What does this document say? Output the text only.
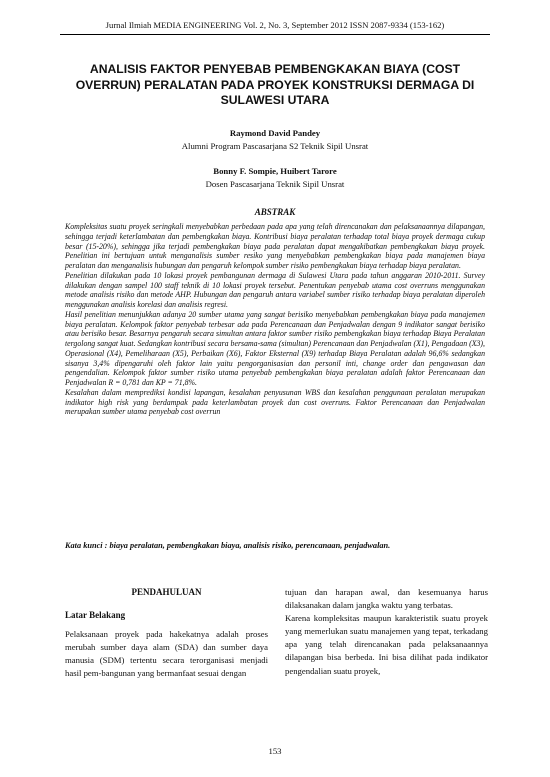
Jurnal Ilmiah MEDIA ENGINEERING Vol. 2, No. 3, September 2012 ISSN 2087-9334 (153-162)
ANALISIS FAKTOR PENYEBAB PEMBENGKAKAN BIAYA (COST OVERRUN) PERALATAN PADA PROYEK KONSTRUKSI DERMAGA DI SULAWESI UTARA
Raymond David Pandey
Alumni Program Pascasarjana S2 Teknik Sipil Unsrat
Bonny F. Sompie, Huibert Tarore
Dosen Pascasarjana Teknik Sipil Unsrat
ABSTRAK

Kompleksitas suatu proyek seringkali menyebabkan perbedaan pada apa yang telah direncanakan dan pelaksanaannya dilapangan, sehingga terjadi keterlambatan dan pembengkakan biaya. Kontribusi biaya peralatan terhadap total biaya proyek dermaga cukup besar (15-20%), sehingga jika terjadi pembengkakan biaya pada peralatan dapat mengakibatkan pembengkakan biaya proyek. Penelitian ini bertujuan untuk menganalisis sumber resiko yang menyebabkan pembengkakan biaya pada manajemen biaya peralatan dan menganalisis hubungan dan pengaruh kelompok sumber risiko pembengkakan biaya terhadap biaya peralatan.

Penelitian dilakukan pada 10 lokasi proyek pembangunan dermaga di Sulawesi Utara pada tahun anggaran 2010-2011. Survey dilakukan dengan sampel 100 staff teknik di 10 lokasi proyek tersebut. Penentukan penyebab utama cost overruns menggunakan metode analisis risiko dan metode AHP. Hubungan dan pengaruh antara variabel sumber risiko terhadap biaya peralatan diperoleh menggunakan analisis korelasi dan analisis regresi.

Hasil penelitian menunjukkan adanya 20 sumber utama yang sangat berisiko menyebabkan pembengkakan biaya pada manajemen biaya peralatan. Kelompok faktor penyebab terbesar ada pada Perencanaan dan Penjadwalan dengan 9 indikator sangat berisiko atau berisiko besar. Besarnya pengaruh secara simultan antara faktor sumber risiko pembengkakan biaya terhadap Biaya Peralatan tergolong sangat kuat. Sedangkan kontribusi secara bersama-sama (simultan) Perencanaan dan Penjadwalan (X1), Pengadaan (X3), Operasional (X4), Pemeliharaan (X5), Perbaikan (X6), Faktor Eksternal (X9) terhadap Biaya Peralatan adalah 96,6% sedangkan sisanya 3,4% dipengaruhi oleh faktor lain yaitu pengorganisasian dan personil inti, change order dan pengawasan dan pengendalian. Kelompok faktor sumber risiko utama penyebab pembengkakan biaya peralatan adalah faktor Perencanaan dan Penjadwalan R = 0,781 dan KP = 71,8%.

Kesalahan dalam memprediksi kondisi lapangan, kesalahan penyusunan WBS dan kesalahan penggunaan peralatan merupakan indikator high risk yang berdampak pada keterlambatan proyek dan cost overruns. Faktor Perencanaan dan Penjadwalan merupakan sumber utama penyebab cost overrun

Kata kunci : biaya peralatan, pembengkakan biaya, analisis risiko, perencanaan, penjadwalan.
PENDAHULUAN
Latar Belakang

Pelaksanaan proyek pada hakekatnya adalah proses merubah sumber daya alam (SDA) dan sumber daya manusia (SDM) tertentu secara terorganisasi menjadi hasil pem-bangunan yang bermanfaat sesuai dengan

tujuan dan harapan awal, dan kesemuanya harus dilaksanakan dalam jangka waktu yang terbatas.

Karena kompleksitas maupun karakteristik suatu proyek yang memerlukan suatu manajemen yang tepat, terkadang apa yang telah direncanakan pada pelaksanaannya dilapangan bisa berbeda. Ini bisa dilihat pada indikator pengendalian suatu proyek,

153
